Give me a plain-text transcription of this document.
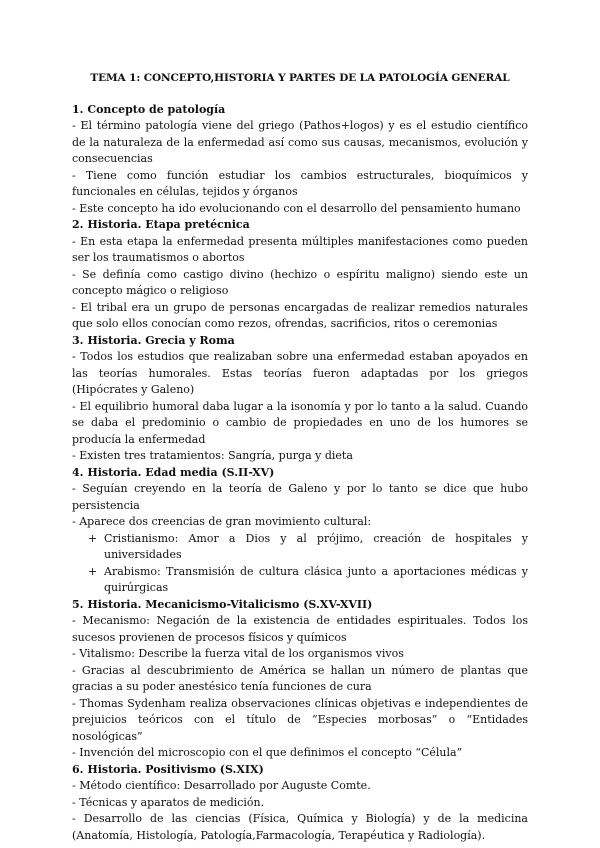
TEMA 1: CONCEPTO,HISTORIA Y PARTES DE LA PATOLOGÍA GENERAL
1. Concepto de patología
- El término patología viene del griego (Pathos+logos) y es el estudio científico de la naturaleza de la enfermedad así como sus causas, mecanismos, evolución y consecuencias
- Tiene como función estudiar los cambios estructurales, bioquímicos y funcionales en células, tejidos y órganos
- Este concepto ha ido evolucionando con el desarrollo del pensamiento humano
2. Historia. Etapa pretécnica
- En esta etapa la enfermedad presenta múltiples manifestaciones como pueden ser los traumatismos o abortos
- Se definía como castigo divino (hechizo o espíritu maligno) siendo este un concepto mágico o religioso
- El tribal era un grupo de personas encargadas de realizar remedios naturales que solo ellos conocían como rezos, ofrendas, sacrificios, ritos o ceremonias
3. Historia. Grecia y Roma
- Todos los estudios que realizaban sobre una enfermedad estaban apoyados en las teorías humorales. Estas teorías fueron adaptadas por los griegos (Hipócrates y Galeno)
- El equilibrio humoral daba lugar a la isonomía y por lo tanto a la salud. Cuando se daba el predominio o cambio de propiedades en uno de los humores se producía la enfermedad
- Existen tres tratamientos: Sangría, purga y dieta
4. Historia. Edad media (S.II-XV)
- Seguían creyendo en la teoría de Galeno y por lo tanto se dice que hubo persistencia
- Aparece dos creencias de gran movimiento cultural:
+ Cristianismo: Amor a Dios y al prójimo, creación de hospitales y universidades
+ Arabismo: Transmisión de cultura clásica junto a aportaciones médicas y quirúrgicas
5. Historia. Mecanicismo-Vitalicismo (S.XV-XVII)
- Mecanismo: Negación de la existencia de entidades espirituales. Todos los sucesos provienen de procesos físicos y químicos
- Vitalismo: Describe la fuerza vital de los organismos vivos
- Gracias al descubrimiento de América se hallan un número de plantas que gracias a su poder anestésico tenía funciones de cura
- Thomas Sydenham realiza observaciones clínicas objetivas e independientes de prejuicios teóricos con el título de “Especies morbosas” o “Entidades nosológicas”
- Invención del microscopio con el que definimos el concepto “Célula”
6. Historia. Positivismo (S.XIX)
- Método científico: Desarrollado por Auguste Comte.
- Técnicas y aparatos de medición.
- Desarrollo de las ciencias (Física, Química y Biología) y de la medicina (Anatomía, Histología, Patología,Farmacología, Terapéutica y Radiología).
